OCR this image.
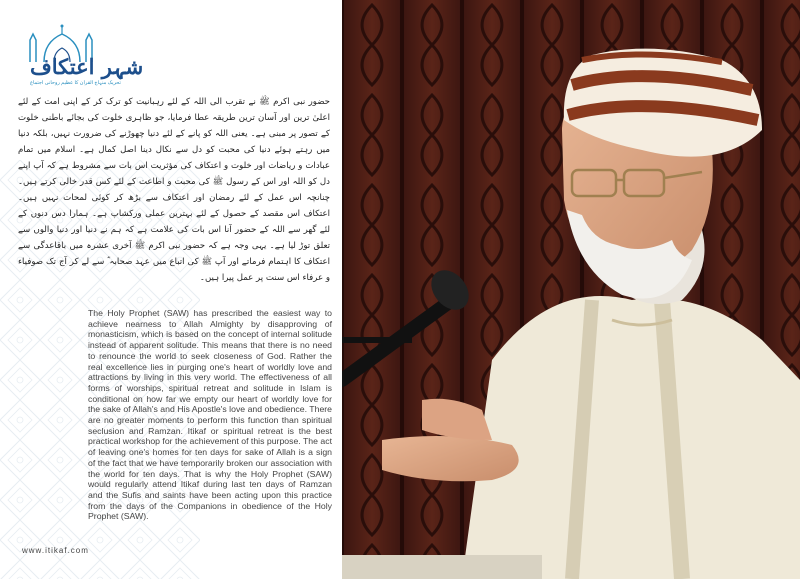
شہر اعتکاف
تحریک منہاج القرآن کا عظیم روحانی اجتماع
حضور نبی اکرم ﷺ نے تقرب الی اللہ کے لئے رہبانیت کو ترک کر کے اپنی امت کے لئے اعلیٰ ترین اور آسان ترین طریقہ عطا فرمایا، جو ظاہری خلوت کی بجائے باطنی خلوت کے تصور پر مبنی ہے۔ یعنی اللہ کو پانے کے لئے دنیا چھوڑنے کی ضرورت نہیں، بلکہ دنیا میں رہتے ہوئے دنیا کی محبت کو دل سے نکال دینا اصل کمال ہے۔ اسلام میں تمام عبادات و ریاضات اور خلوت و اعتکاف کی مؤثریت اس بات سے مشروط ہے کہ آپ اپنے دل کو اللہ اور اس کے رسول ﷺ کی محبت و اطاعت کے لئے کس قدر خالی کرتے ہیں۔ چنانچہ اس عمل کے لئے رمضان اور اعتکاف سے بڑھ کر کوئی لمحات نہیں ہیں۔ اعتکاف اس مقصد کے حصول کے لئے بہترین عملی ورکشاپ ہے۔ ہمارا دس دنوں کے لئے گھر سے اللہ کے حضور آنا اس بات کی علامت ہے کہ ہم نے دنیا اور دنیا والوں سے تعلق توڑ لیا ہے۔ یہی وجہ ہے کہ حضور نبی اکرم ﷺ آخری عشرہ میں باقاعدگی سے اعتکاف کا اہتمام فرماتے اور آپ ﷺ کی اتباع میں عہد صحابہ ؓ سے لے کر آج تک صوفیاء و عرفاء اس سنت پر عمل پیرا ہیں۔
The Holy Prophet (SAW) has prescribed the easiest way to achieve nearness to Allah Almighty by disapproving of monasticism, which is based on the concept of internal solitude instead of apparent solitude. This means that there is no need to renounce the world to seek closeness of God. Rather the real excellence lies in purging one's heart of worldly love and attractions by living in this very world. The effectiveness of all forms of worships, spiritual retreat and solitude in Islam is conditional on how far we empty our heart of worldly love for the sake of Allah's and His Apostle's love and obedience. There are no greater moments to perform this function than spiritual seclusion and Ramzan. Itikaf or spiritual retreat is the best practical workshop for the achievement of this purpose. The act of leaving one's homes for ten days for sake of Allah is a sign of the fact that we have temporarily broken our association with the world for ten days. That is why the Holy Prophet (SAW) would regularly attend Itikaf during last ten days of Ramzan and the Sufis and saints have been acting upon this practice from the days of the Companions in obedience of the Holy Prophet (SAW).
www.itikaf.com
